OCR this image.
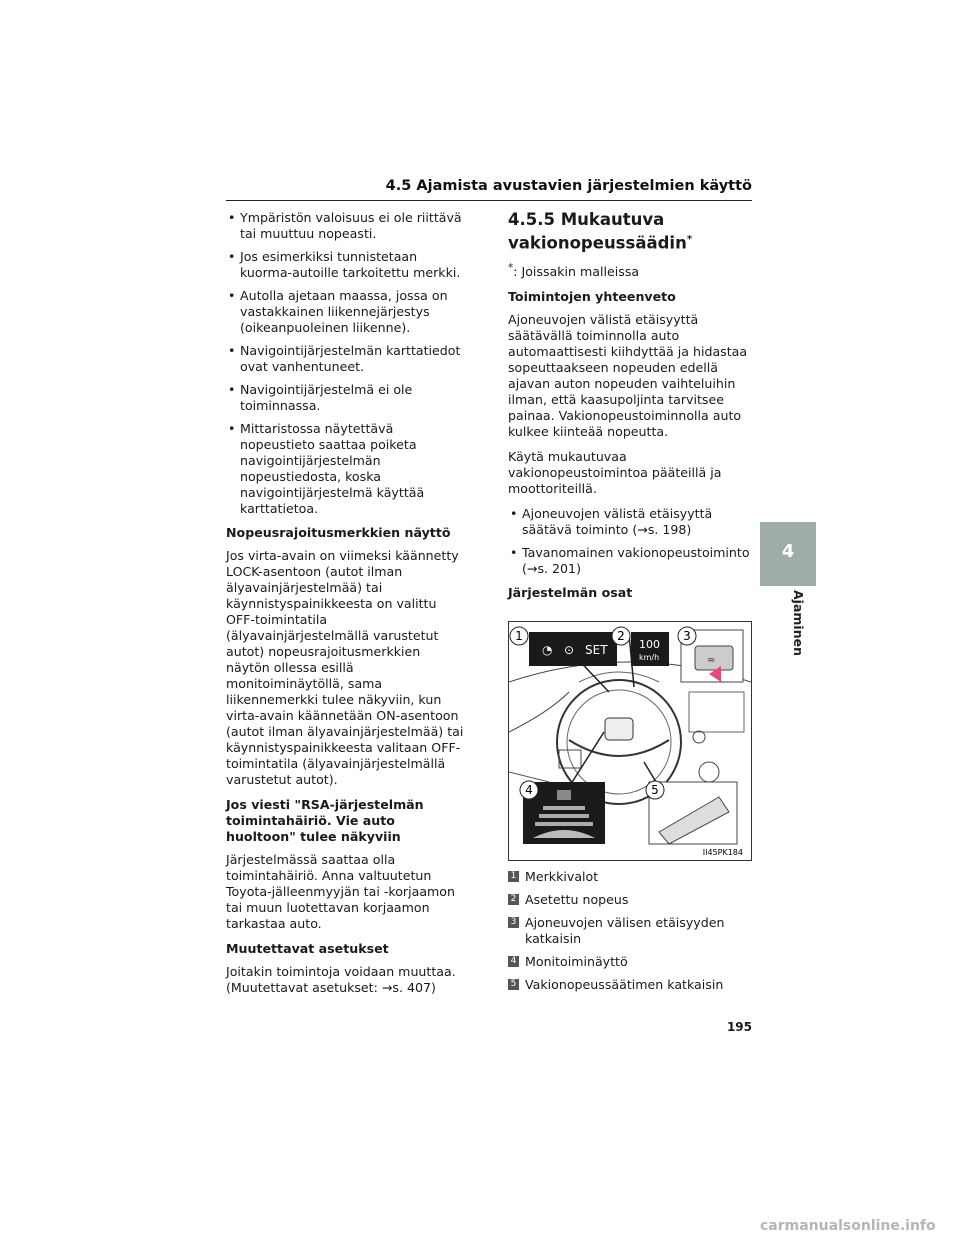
4.5 Ajamista avustavien järjestelmien käyttö
• Ympäristön valoisuus ei ole riittävä tai muuttuu nopeasti.
• Jos esimerkiksi tunnistetaan kuorma-autoille tarkoitettu merkki.
• Autolla ajetaan maassa, jossa on vastakkainen liikennejärjestys (oikeanpuoleinen liikenne).
• Navigointijärjestelmän karttatiedot ovat vanhentuneet.
• Navigointijärjestelmä ei ole toiminnassa.
• Mittaristossa näytettävä nopeustieto saattaa poiketa navigointijärjestelmän nopeustiedosta, koska navigointijärjestelmä käyttää karttatietoa.

Nopeusrajoitusmerkkien näyttö

Jos virta-avain on viimeksi käännetty LOCK-asentoon (autot ilman älyavainjärjestelmää) tai käynnistyspainikkeesta on valittu OFF-toimintatila (älyavainjärjestelmällä varustetut autot) nopeusrajoitusmerkkien näytön ollessa esillä monitoiminäytöllä, sama liikennemerkki tulee näkyviin, kun virta-avain käännetään ON-asentoon (autot ilman älyavainjärjestelmää) tai käynnistyspainikkeesta valitaan OFF-toimintatila (älyavainjärjestelmällä varustetut autot).

Jos viesti "RSA-järjestelmän toimintahäiriö. Vie auto huoltoon" tulee näkyviin

Järjestelmässä saattaa olla toimintahäiriö. Anna valtuutetun Toyota-jälleenmyyjän tai -korjaamon tai muun luotettavan korjaamon tarkastaa auto.

Muutettavat asetukset

Joitakin toimintoja voidaan muuttaa. (Muutettavat asetukset: →s. 407)

4.5.5 Mukautuva vakionopeussäädin*

*: Joissakin malleissa

Toimintojen yhteenveto

Ajoneuvojen välistä etäisyyttä säätävällä toiminnolla auto automaattisesti kiihdyttää ja hidastaa sopeuttaakseen nopeuden edellä ajavan auton nopeuden vaihteluihin ilman, että kaasupoljinta tarvitsee painaa. Vakionopeustoiminnolla auto kulkee kiinteää nopeutta.

Käytä mukautuvaa vakionopeustoimintoa pääteillä ja moottoriteillä.

• Ajoneuvojen välistä etäisyyttä säätävä toiminto (→s. 198)
• Tavanomainen vakionopeustoiminto (→s. 201)

Järjestelmän osat

◔ ⊙ SET	100
km/h	≈
1	2	3
4	5
II45PK184
1 Merkkivalot
2 Asetettu nopeus
3 Ajoneuvojen välisen etäisyyden katkaisin
4 Monitoiminäyttö
5 Vakionopeussäätimen katkaisin
4
Ajaminen
195
carmanualsonline.info
